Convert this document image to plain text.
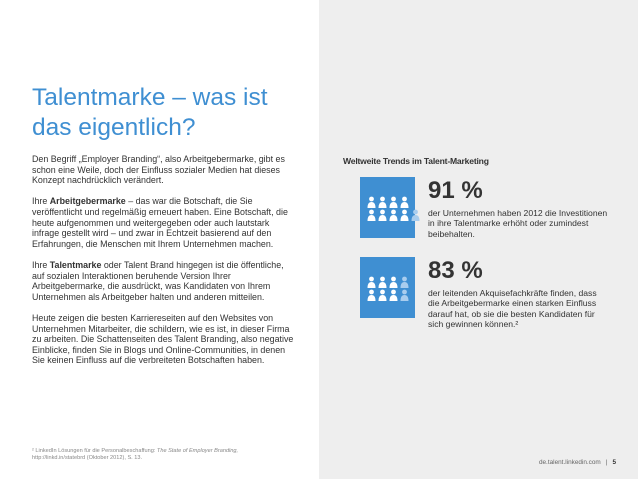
Talentmarke – was ist das eigentlich?

Den Begriff „Employer Branding“, also Arbeitgebermarke, gibt es schon eine Weile, doch der Einfluss sozialer Medien hat dieses Konzept nachdrücklich verändert.

Ihre Arbeitgebermarke – das war die Botschaft, die Sie veröffentlicht und regelmäßig erneuert haben. Eine Botschaft, die heute aufgenommen und weitergegeben oder auch lautstark infrage gestellt wird – und zwar in Echtzeit basierend auf den Erfahrungen, die Menschen mit Ihrem Unternehmen machen.

Ihre Talentmarke oder Talent Brand hingegen ist die öffentliche, auf sozialen Interaktionen beruhende Version Ihrer Arbeitgebermarke, die ausdrückt, was Kandidaten von Ihrem Unternehmen als Arbeitgeber halten und anderen mitteilen.

Heute zeigen die besten Karriereseiten auf den Websites von Unternehmen Mitarbeiter, die schildern, wie es ist, in dieser Firma zu arbeiten. Die Schattenseiten des Talent Branding, also negative Einblicke, finden Sie in Blogs und Online-Communities, in denen Sie keinen Einfluss auf die verbreiteten Botschaften haben.

² LinkedIn Lösungen für die Personalbeschaffung: The State of Employer Branding,
http://linkd.in/statebrd (Oktober 2012), S. 13.
Weltweite Trends im Talent-Marketing
91 %
der Unternehmen haben 2012 die Investitionen in ihre Talentmarke erhöht oder zumindest beibehalten.
83 %
der leitenden Akquisefachkräfte finden, dass die Arbeitgebermarke einen starken Einfluss darauf hat, ob sie die besten Kandidaten für sich gewinnen können.²
de.talent.linkedin.com | 5
